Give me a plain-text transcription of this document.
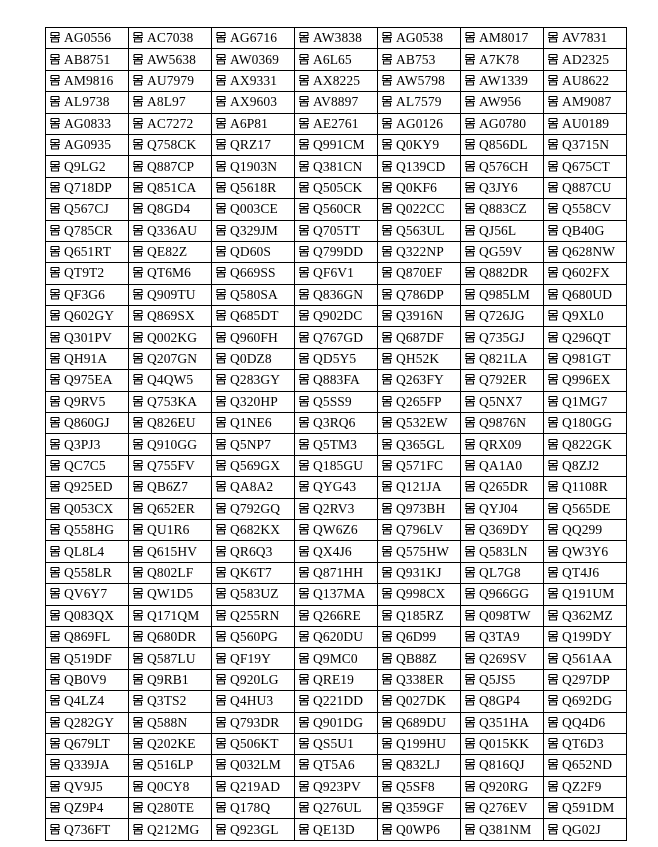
AG0556	AC7038	AG6716	AW3838	AG0538	AM8017	AV7831

AB8751	AW5638	AW0369	A6L65	AB753	A7K78	AD2325

AM9816	AU7979	AX9331	AX8225	AW5798	AW1339	AU8622

AL9738	A8L97	AX9603	AV8897	AL7579	AW956	AM9087

AG0833	AC7272	A6P81	AE2761	AG0126	AG0780	AU0189

AG0935	Q758CK	QRZ17	Q991CM	Q0KY9	Q856DL	Q3715N

Q9LG2	Q887CP	Q1903N	Q381CN	Q139CD	Q576CH	Q675CT

Q718DP	Q851CA	Q5618R	Q505CK	Q0KF6	Q3JY6	Q887CU

Q567CJ	Q8GD4	Q003CE	Q560CR	Q022CC	Q883CZ	Q558CV

Q785CR	Q336AU	Q329JM	Q705TT	Q563UL	QJ56L	QB40G

Q651RT	QE82Z	QD60S	Q799DD	Q322NP	QG59V	Q628NW

QT9T2	QT6M6	Q669SS	QF6V1	Q870EF	Q882DR	Q602FX

QF3G6	Q909TU	Q580SA	Q836GN	Q786DP	Q985LM	Q680UD

Q602GY	Q869SX	Q685DT	Q902DC	Q3916N	Q726JG	Q9XL0

Q301PV	Q002KG	Q960FH	Q767GD	Q687DF	Q735GJ	Q296QT

QH91A	Q207GN	Q0DZ8	QD5Y5	QH52K	Q821LA	Q981GT

Q975EA	Q4QW5	Q283GY	Q883FA	Q263FY	Q792ER	Q996EX

Q9RV5	Q753KA	Q320HP	Q5SS9	Q265FP	Q5NX7	Q1MG7

Q860GJ	Q826EU	Q1NE6	Q3RQ6	Q532EW	Q9876N	Q180GG

Q3PJ3	Q910GG	Q5NP7	Q5TM3	Q365GL	QRX09	Q822GK

QC7C5	Q755FV	Q569GX	Q185GU	Q571FC	QA1A0	Q8ZJ2

Q925ED	QB6Z7	QA8A2	QYG43	Q121JA	Q265DR	Q1108R

Q053CX	Q652ER	Q792GQ	Q2RV3	Q973BH	QYJ04	Q565DE

Q558HG	QU1R6	Q682KX	QW6Z6	Q796LV	Q369DY	QQ299

QL8L4	Q615HV	QR6Q3	QX4J6	Q575HW	Q583LN	QW3Y6

Q558LR	Q802LF	QK6T7	Q871HH	Q931KJ	QL7G8	QT4J6

QV6Y7	QW1D5	Q583UZ	Q137MA	Q998CX	Q966GG	Q191UM

Q083QX	Q171QM	Q255RN	Q266RE	Q185RZ	Q098TW	Q362MZ

Q869FL	Q680DR	Q560PG	Q620DU	Q6D99	Q3TA9	Q199DY

Q519DF	Q587LU	QF19Y	Q9MC0	QB88Z	Q269SV	Q561AA

QB0V9	Q9RB1	Q920LG	QRE19	Q338ER	Q5JS5	Q297DP

Q4LZ4	Q3TS2	Q4HU3	Q221DD	Q027DK	Q8GP4	Q692DG

Q282GY	Q588N	Q793DR	Q901DG	Q689DU	Q351HA	QQ4D6

Q679LT	Q202KE	Q506KT	QS5U1	Q199HU	Q015KK	QT6D3

Q339JA	Q516LP	Q032LM	QT5A6	Q832LJ	Q816QJ	Q652ND

QV9J5	Q0CY8	Q219AD	Q923PV	Q5SF8	Q920RG	QZ2F9

QZ9P4	Q280TE	Q178Q	Q276UL	Q359GF	Q276EV	Q591DM

Q736FT	Q212MG	Q923GL	QE13D	Q0WP6	Q381NM	QG02J
